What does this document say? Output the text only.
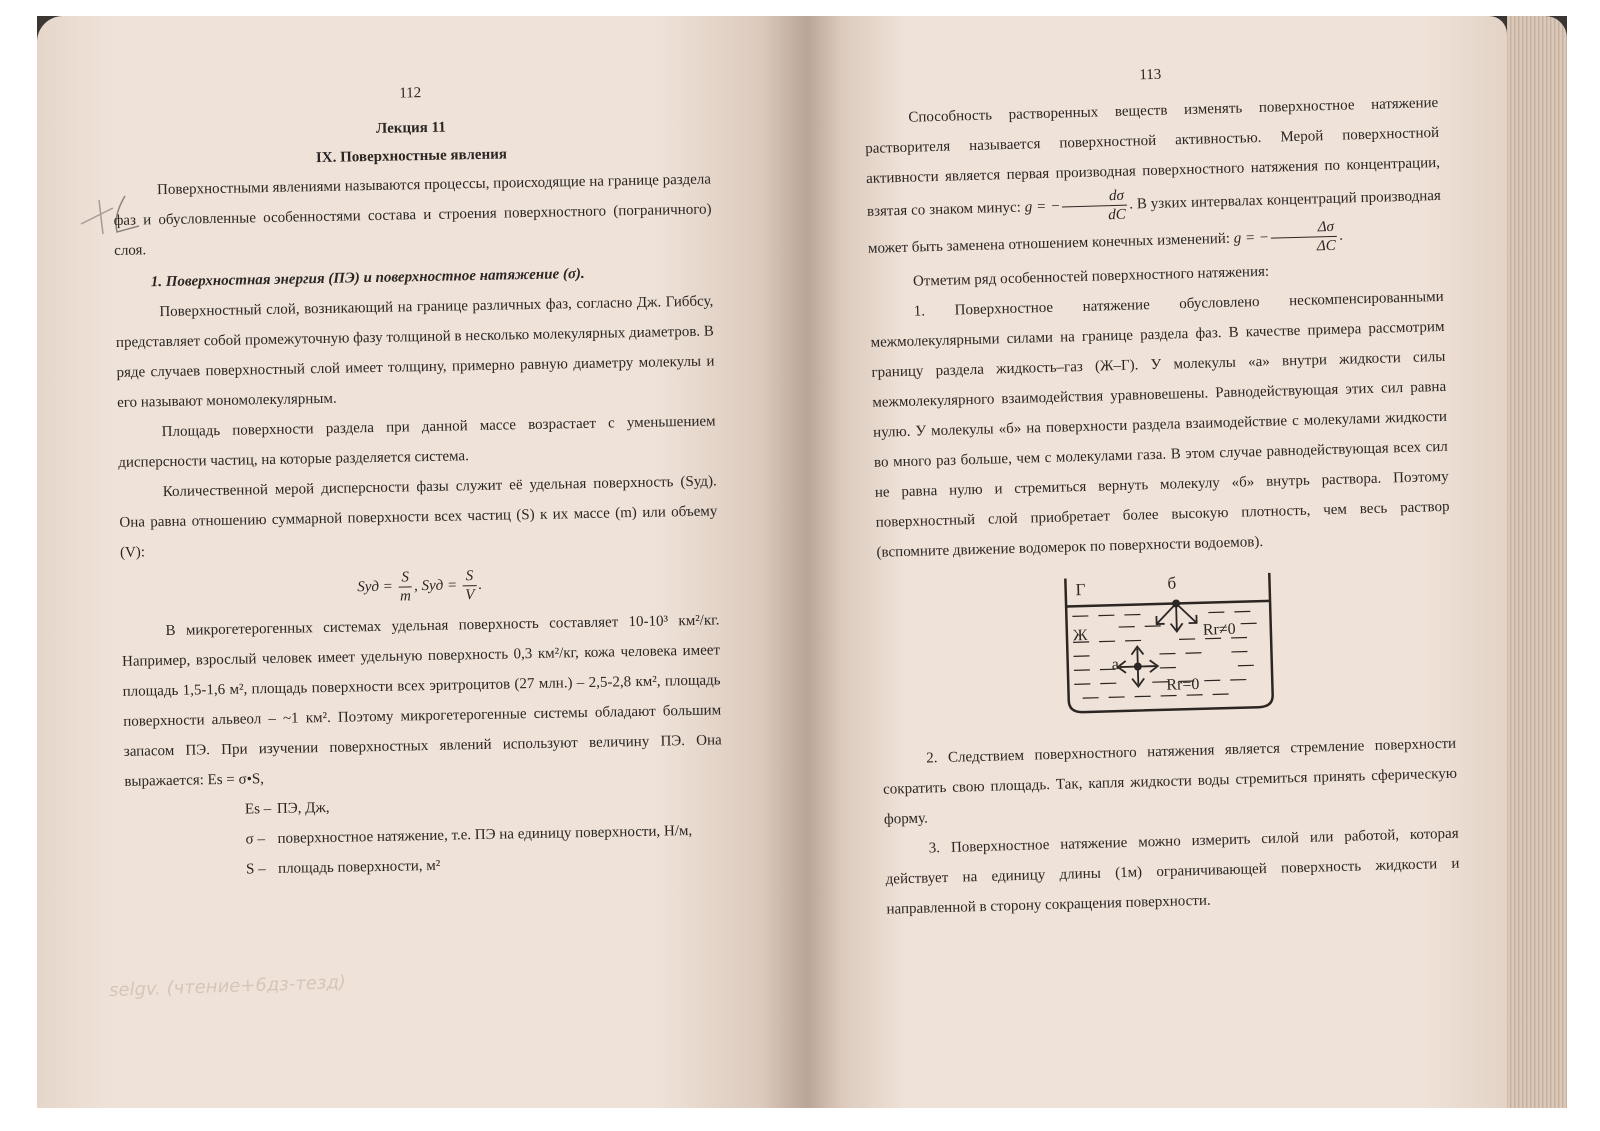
112
Лекция 11
IX. Поверхностные явления

Поверхностными явлениями называются процессы, происходящие на границе раздела фаз и обусловленные особенностями состава и строения поверхностного (пограничного) слоя.

1. Поверхностная энергия (ПЭ) и поверхностное натяжение (σ).

Поверхностный слой, возникающий на границе различных фаз, согласно Дж. Гиббсу, представляет собой промежуточную фазу толщиной в несколько молекулярных диаметров. В ряде случаев поверхностный слой имеет толщину, примерно равную диаметру молекулы и его называют мономолекулярным.

Площадь поверхности раздела при данной массе возрастает с уменьшением дисперсности частиц, на которые разделяется система.

Количественной мерой дисперсности фазы служит её удельная поверхность (Sуд). Она равна отношению суммарной поверхности всех частиц (S) к их массе (m) или объему (V):

Sуд = $\frac{S}{m}$ , Sуд = $\frac{S}{V}$ .

В микрогетерогенных системах удельная поверхность составляет 10-10³ км²/кг. Например, взрослый человек имеет удельную поверхность 0,3 км²/кг, кожа человека имеет площадь 1,5-1,6 м², площадь поверхности всех эритроцитов (27 млн.) – 2,5-2,8 км², площадь поверхности альвеол – ~1 км². Поэтому микрогетерогенные системы обладают большим запасом ПЭ. При изучении поверхностных явлений используют величину ПЭ. Она выражается: Es = σ•S,

Es – ПЭ, Дж,
σ – поверхностное натяжение, т.е. ПЭ на единицу поверхности, Н/м,
S – площадь поверхности, м²
selgv. (чтение+6дз-тезд)
113

Способность растворенных веществ изменять поверхностное натяжение растворителя называется поверхностной активностью. Мерой поверхностной активности является первая производная поверхностного натяжения по концентрации, взятая со знаком минус: g = − $\frac{d\sigma}{dC}$ . В узких интервалах концентраций производная может быть заменена отношением конечных изменений: g = − $\frac{\Delta\sigma}{\Delta C}$ .

Отметим ряд особенностей поверхностного натяжения:

1. Поверхностное натяжение обусловлено нескомпенсированными межмолекулярными силами на границе раздела фаз. В качестве примера рассмотрим границу раздела жидкость–газ (Ж–Г). У молекулы «а» внутри жидкости силы межмолекулярного взаимодействия уравновешены. Равнодействующая этих сил равна нулю. У молекулы «б» на поверхности раздела взаимодействие с молекулами жидкости во много раз больше, чем с молекулами газа. В этом случае равнодействующая всех сил не равна нулю и стремиться вернуть молекулу «б» внутрь раствора. Поэтому поверхностный слой приобретает более высокую плотность, чем весь раствор (вспомните движение водомерок по поверхности водоемов).

Г	б
Ж	Rr≠0
а
Rr=0

2. Следствием поверхностного натяжения является стремление поверхности сократить свою площадь. Так, капля жидкости воды стремиться принять сферическую форму.

3. Поверхностное натяжение можно измерить силой или работой, которая действует на единицу длины (1м) ограничивающей поверхность жидкости и направленной в сторону сокращения поверхности.
